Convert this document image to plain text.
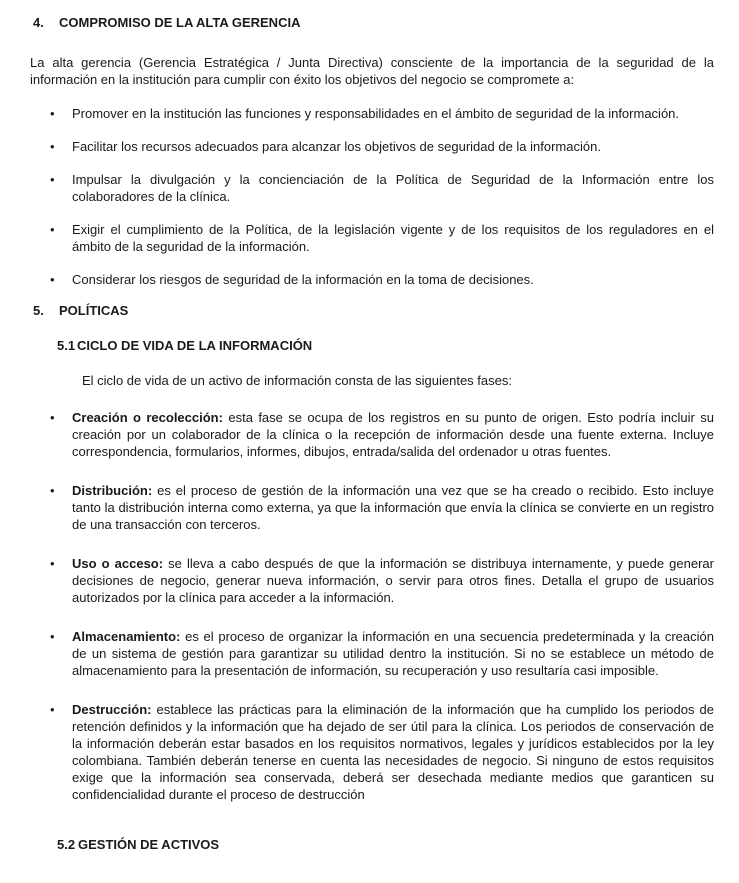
4.	COMPROMISO DE LA ALTA GERENCIA

La alta gerencia (Gerencia Estratégica / Junta Directiva) consciente de la importancia de la seguridad de la información en la institución para cumplir con éxito los objetivos del negocio se compromete a:

• Promover en la institución las funciones y responsabilidades en el ámbito de seguridad de la información.
• Facilitar los recursos adecuados para alcanzar los objetivos de seguridad de la información.
• Impulsar la divulgación y la concienciación de la Política de Seguridad de la Información entre los colaboradores de la clínica.
• Exigir el cumplimiento de la Política, de la legislación vigente y de los requisitos de los reguladores en el ámbito de la seguridad de la información.
• Considerar los riesgos de seguridad de la información en la toma de decisiones.
5.	POLÍTICAS
5.1 CICLO DE VIDA DE LA INFORMACIÓN

El ciclo de vida de un activo de información consta de las siguientes fases:

• Creación o recolección: esta fase se ocupa de los registros en su punto de origen. Esto podría incluir su creación por un colaborador de la clínica o la recepción de información desde una fuente externa. Incluye correspondencia, formularios, informes, dibujos, entrada/salida del ordenador u otras fuentes.
• Distribución: es el proceso de gestión de la información una vez que se ha creado o recibido. Esto incluye tanto la distribución interna como externa, ya que la información que envía la clínica se convierte en un registro de una transacción con terceros.
• Uso o acceso: se lleva a cabo después de que la información se distribuya internamente, y puede generar decisiones de negocio, generar nueva información, o servir para otros fines. Detalla el grupo de usuarios autorizados por la clínica para acceder a la información.
• Almacenamiento: es el proceso de organizar la información en una secuencia predeterminada y la creación de un sistema de gestión para garantizar su utilidad dentro la institución. Si no se establece un método de almacenamiento para la presentación de información, su recuperación y uso resultaría casi imposible.
• Destrucción: establece las prácticas para la eliminación de la información que ha cumplido los periodos de retención definidos y la información que ha dejado de ser útil para la clínica. Los periodos de conservación de la información deberán estar basados en los requisitos normativos, legales y jurídicos establecidos por la ley colombiana. También deberán tenerse en cuenta las necesidades de negocio. Si ninguno de estos requisitos exige que la información sea conservada, deberá ser desechada mediante medios que garanticen su confidencialidad durante el proceso de destrucción
5.2 GESTIÓN DE ACTIVOS
